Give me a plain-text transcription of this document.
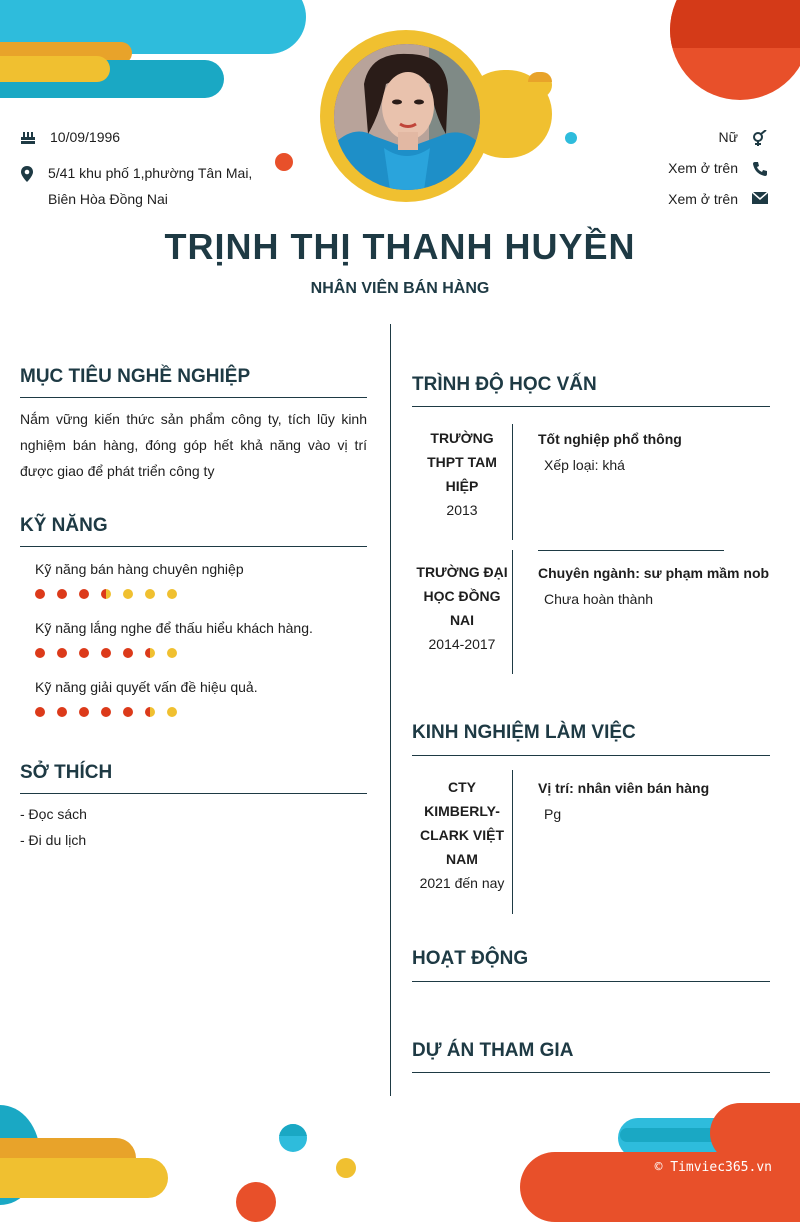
10/09/1996
5/41 khu phố 1,phường Tân Mai,
Biên Hòa Đồng Nai
Nữ
Xem ở trên
Xem ở trên
TRỊNH THỊ THANH HUYỀN
NHÂN VIÊN BÁN HÀNG
MỤC TIÊU NGHỀ NGHIỆP
Nắm vững kiến thức sản phẩm công ty, tích lũy kinh nghiệm bán hàng, đóng góp hết khả năng vào vị trí được giao để phát triển công ty
KỸ NĂNG
Kỹ năng bán hàng chuyên nghiệp
Kỹ năng lắng nghe để thấu hiểu khách hàng.
Kỹ năng giải quyết vấn đề hiệu quả.
SỞ THÍCH
- Đọc sách
- Đi du lịch
TRÌNH ĐỘ HỌC VẤN
TRƯỜNG
THPT TAM
HIỆP
2013
Tốt nghiệp phổ thông
Xếp loại: khá
TRƯỜNG ĐẠI
HỌC ĐỒNG
NAI
2014-2017
Chuyên ngành: sư phạm mầm nob
Chưa hoàn thành
KINH NGHIỆM LÀM VIỆC
CTY
KIMBERLY-
CLARK VIỆT
NAM
2021 đến nay
Vị trí: nhân viên bán hàng
Pg
HOẠT ĐỘNG
DỰ ÁN THAM GIA
© Timviec365.vn
